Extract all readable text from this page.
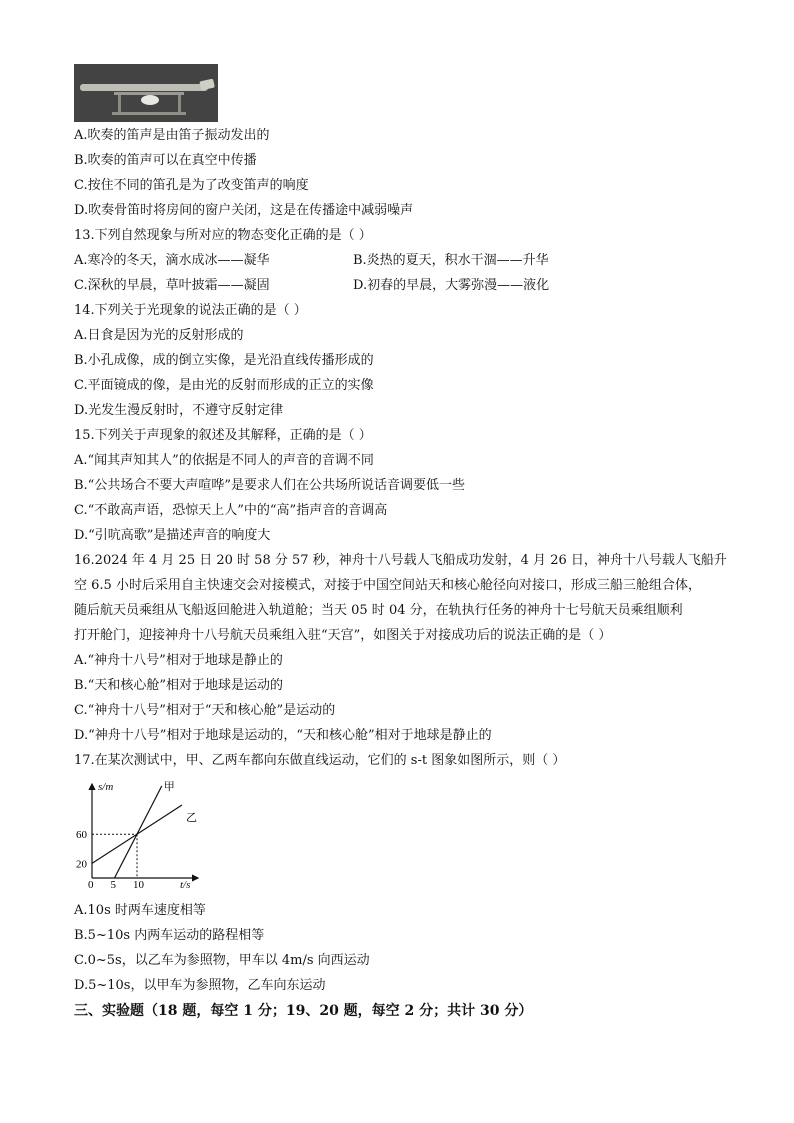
A.吹奏的笛声是由笛子振动发出的
B.吹奏的笛声可以在真空中传播
C.按住不同的笛孔是为了改变笛声的响度
D.吹奏骨笛时将房间的窗户关闭，这是在传播途中减弱噪声
13.下列自然现象与所对应的物态变化正确的是（ ）
A.寒冷的冬天，滴水成冰——凝华	B.炎热的夏天，积水干涸——升华
C.深秋的早晨，草叶披霜——凝固	D.初春的早晨，大雾弥漫——液化
14.下列关于光现象的说法正确的是（ ）
A.日食是因为光的反射形成的
B.小孔成像，成的倒立实像，是光沿直线传播形成的
C.平面镜成的像，是由光的反射而形成的正立的实像
D.光发生漫反射时，不遵守反射定律
15.下列关于声现象的叙述及其解释，正确的是（ ）
A.“闻其声知其人”的依据是不同人的声音的音调不同
B.“公共场合不要大声喧哗”是要求人们在公共场所说话音调要低一些
C.“不敢高声语，恐惊天上人”中的“高”指声音的音调高
D.“引吭高歌”是描述声音的响度大
16.2024 年 4 月 25 日 20 时 58 分 57 秒，神舟十八号载人飞船成功发射，4 月 26 日，神舟十八号载人飞船升
空 6.5 小时后采用自主快速交会对接模式，对接于中国空间站天和核心舱径向对接口，形成三船三舱组合体，
随后航天员乘组从飞船返回舱进入轨道舱；当天 05 时 04 分，在轨执行任务的神舟十七号航天员乘组顺利
打开舱门，迎接神舟十八号航天员乘组入驻“天宫”，如图关于对接成功后的说法正确的是（ ）
A.“神舟十八号”相对于地球是静止的
B.“天和核心舱”相对于地球是运动的
C.“神舟十八号”相对于“天和核心舱”是运动的
D.“神舟十八号”相对于地球是运动的，“天和核心舱”相对于地球是静止的
17.在某次测试中，甲、乙两车都向东做直线运动，它们的 s-t 图象如图所示，则（ ）
s/m
t/s
0 5 10
20
60
甲
乙
A.10s 时两车速度相等
B.5~10s 内两车运动的路程相等
C.0~5s，以乙车为参照物，甲车以 4m/s 向西运动
D.5~10s，以甲车为参照物，乙车向东运动
三、实验题（18 题，每空 1 分；19、20 题，每空 2 分；共计 30 分）
